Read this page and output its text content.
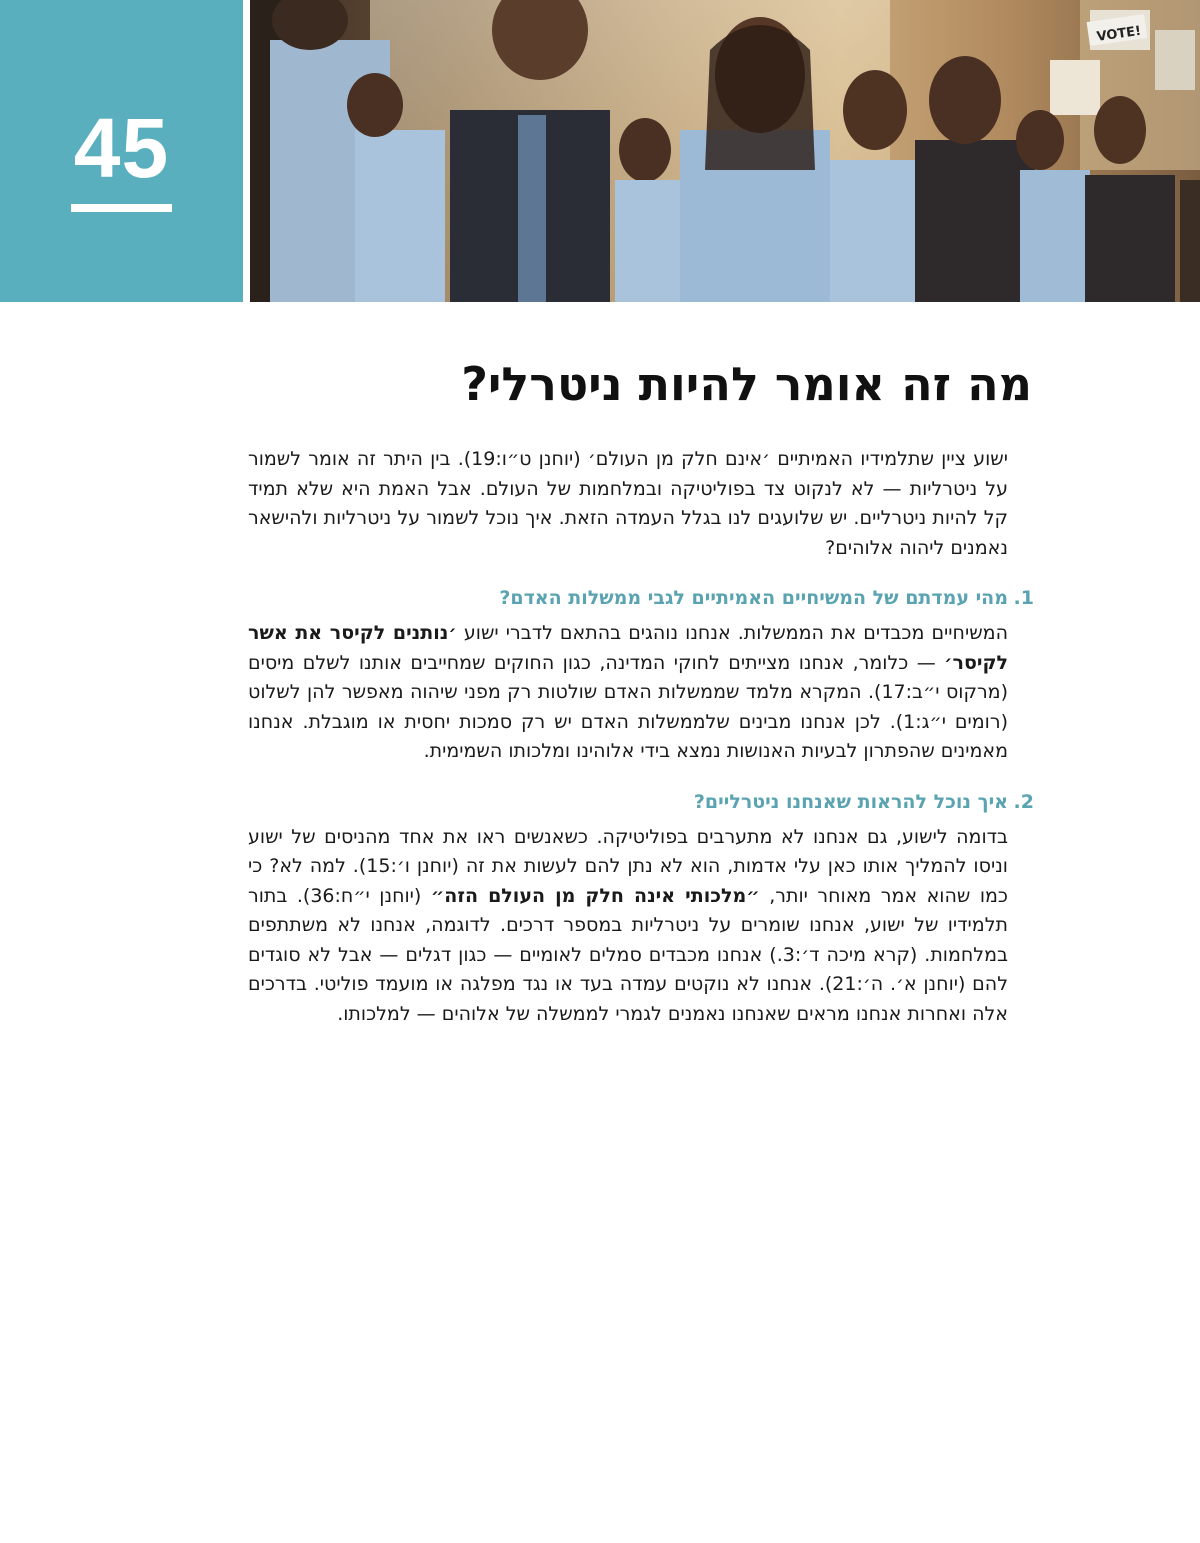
45
VOTE!
מה זה אומר להיות ניטרלי?

ישוע ציין שתלמידיו האמיתיים ׳אינם חלק מן העולם׳ (יוחנן ט״ו:19). בין היתר זה אומר לשמור על ניטרליות — לא לנקוט צד בפוליטיקה ובמלחמות של העולם. אבל האמת היא שלא תמיד קל להיות ניטרליים. יש שלועגים לנו בגלל העמדה הזאת. איך נוכל לשמור על ניטרליות ולהישאר נאמנים ליהוה אלוהים?

1.
מהי עמדתם של המשיחיים האמיתיים לגבי ממשלות האדם?

המשיחיים מכבדים את הממשלות. אנחנו נוהגים בהתאם לדברי ישוע ׳נותנים לקיסר את אשר לקיסר׳ — כלומר, אנחנו מצייתים לחוקי המדינה, כגון החוקים שמחייבים אותנו לשלם מיסים (מרקוס י״ב:17). המקרא מלמד שממשלות האדם שולטות רק מפני שיהוה מאפשר להן לשלוט (רומים י״ג:1). לכן אנחנו מבינים שלממשלות האדם יש רק סמכות יחסית או מוגבלת. אנחנו מאמינים שהפתרון לבעיות האנושות נמצא בידי אלוהינו ומלכותו השמימית.

2.
איך נוכל להראות שאנחנו ניטרליים?

בדומה לישוע, גם אנחנו לא מתערבים בפוליטיקה. כשאנשים ראו את אחד מהניסים של ישוע וניסו להמליך אותו כאן עלי אדמות, הוא לא נתן להם לעשות את זה (יוחנן ו׳:15). למה לא? כי כמו שהוא אמר מאוחר יותר, ״מלכותי אינה חלק מן העולם הזה״ (יוחנן י״ח:36). בתור תלמידיו של ישוע, אנחנו שומרים על ניטרליות במספר דרכים. לדוגמה, אנחנו לא משתתפים במלחמות. (קרא מיכה ד׳:3.) אנחנו מכבדים סמלים לאומיים — כגון דגלים — אבל לא סוגדים להם (יוחנן א׳. ה׳:21). אנחנו לא נוקטים עמדה בעד או נגד מפלגה או מועמד פוליטי. בדרכים אלה ואחרות אנחנו מראים שאנחנו נאמנים לגמרי לממשלה של אלוהים — למלכותו.
